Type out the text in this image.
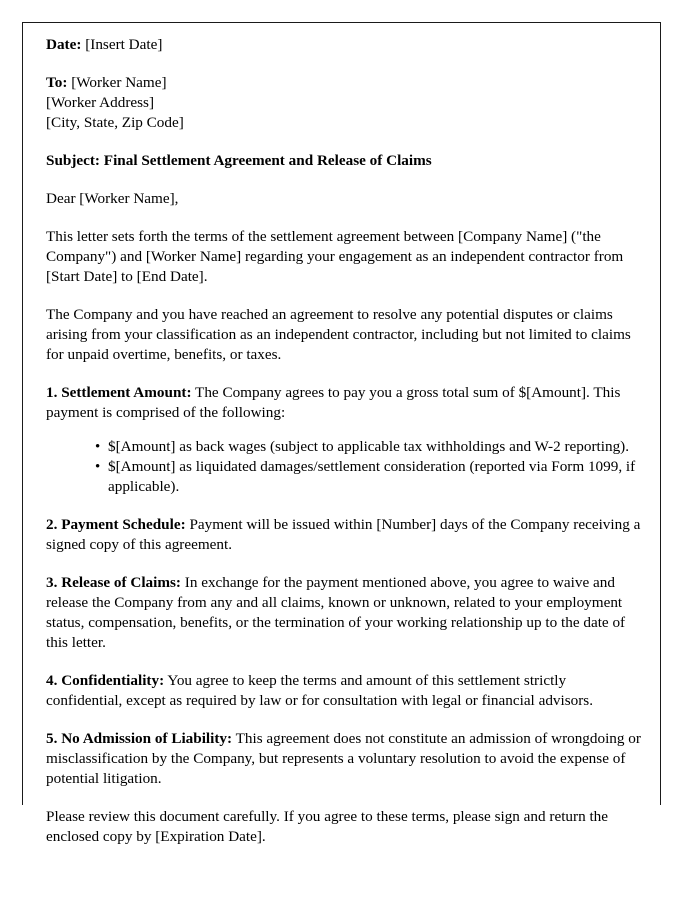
Date: [Insert Date]

To: [Worker Name]
[Worker Address]
[City, State, Zip Code]

Subject: Final Settlement Agreement and Release of Claims

Dear [Worker Name],

This letter sets forth the terms of the settlement agreement between [Company Name] ("the Company") and [Worker Name] regarding your engagement as an independent contractor from [Start Date] to [End Date].

The Company and you have reached an agreement to resolve any potential disputes or claims arising from your classification as an independent contractor, including but not limited to claims for unpaid overtime, benefits, or taxes.

1. Settlement Amount: The Company agrees to pay you a gross total sum of $[Amount]. This payment is comprised of the following:

• $[Amount] as back wages (subject to applicable tax withholdings and W-2 reporting).
• $[Amount] as liquidated damages/settlement consideration (reported via Form 1099, if applicable).

2. Payment Schedule: Payment will be issued within [Number] days of the Company receiving a signed copy of this agreement.

3. Release of Claims: In exchange for the payment mentioned above, you agree to waive and release the Company from any and all claims, known or unknown, related to your employment status, compensation, benefits, or the termination of your working relationship up to the date of this letter.

4. Confidentiality: You agree to keep the terms and amount of this settlement strictly confidential, except as required by law or for consultation with legal or financial advisors.

5. No Admission of Liability: This agreement does not constitute an admission of wrongdoing or misclassification by the Company, but represents a voluntary resolution to avoid the expense of potential litigation.

Please review this document carefully. If you agree to these terms, please sign and return the enclosed copy by [Expiration Date].
